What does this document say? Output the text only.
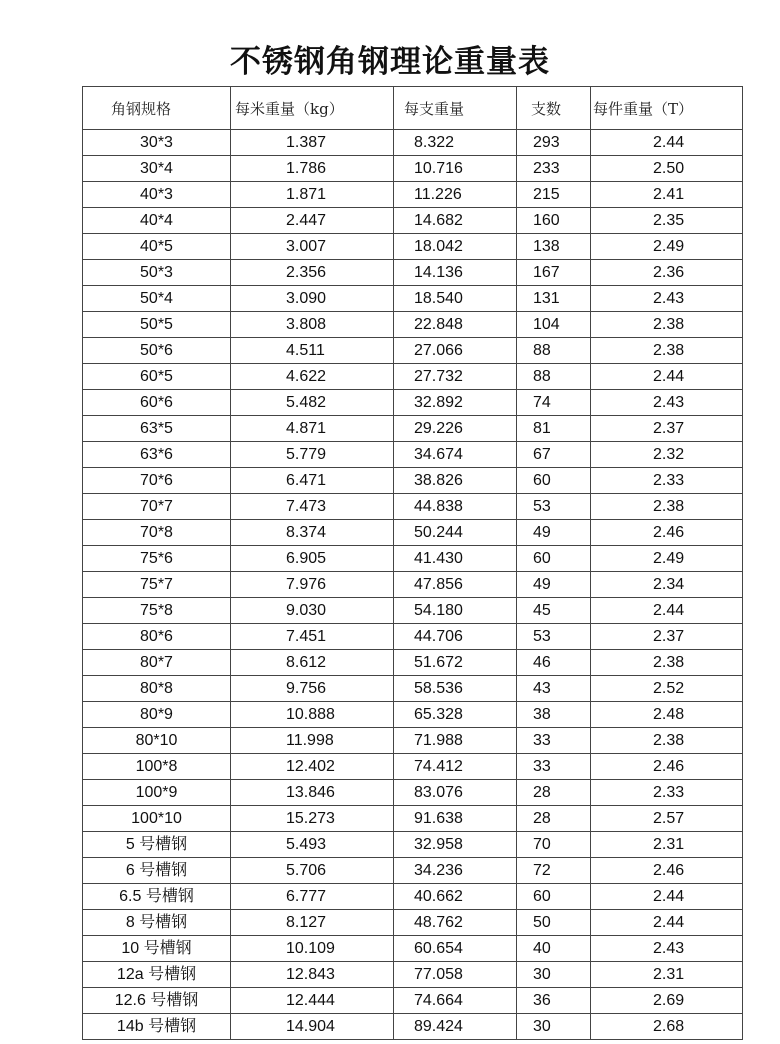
不锈钢角钢理论重量表
角钢规格	每米重量（kg）	每支重量	支数	每件重量（T）
30*3	1.387	8.322	293	2.44
30*4	1.786	10.716	233	2.50
40*3	1.871	11.226	215	2.41
40*4	2.447	14.682	160	2.35
40*5	3.007	18.042	138	2.49
50*3	2.356	14.136	167	2.36
50*4	3.090	18.540	131	2.43
50*5	3.808	22.848	104	2.38
50*6	4.511	27.066	88	2.38
60*5	4.622	27.732	88	2.44
60*6	5.482	32.892	74	2.43
63*5	4.871	29.226	81	2.37
63*6	5.779	34.674	67	2.32
70*6	6.471	38.826	60	2.33
70*7	7.473	44.838	53	2.38
70*8	8.374	50.244	49	2.46
75*6	6.905	41.430	60	2.49
75*7	7.976	47.856	49	2.34
75*8	9.030	54.180	45	2.44
80*6	7.451	44.706	53	2.37
80*7	8.612	51.672	46	2.38
80*8	9.756	58.536	43	2.52
80*9	10.888	65.328	38	2.48
80*10	11.998	71.988	33	2.38
100*8	12.402	74.412	33	2.46
100*9	13.846	83.076	28	2.33
100*10	15.273	91.638	28	2.57
5 号槽钢	5.493	32.958	70	2.31
6 号槽钢	5.706	34.236	72	2.46
6.5 号槽钢	6.777	40.662	60	2.44
8 号槽钢	8.127	48.762	50	2.44
10 号槽钢	10.109	60.654	40	2.43
12a 号槽钢	12.843	77.058	30	2.31
12.6 号槽钢	12.444	74.664	36	2.69
14b 号槽钢	14.904	89.424	30	2.68
